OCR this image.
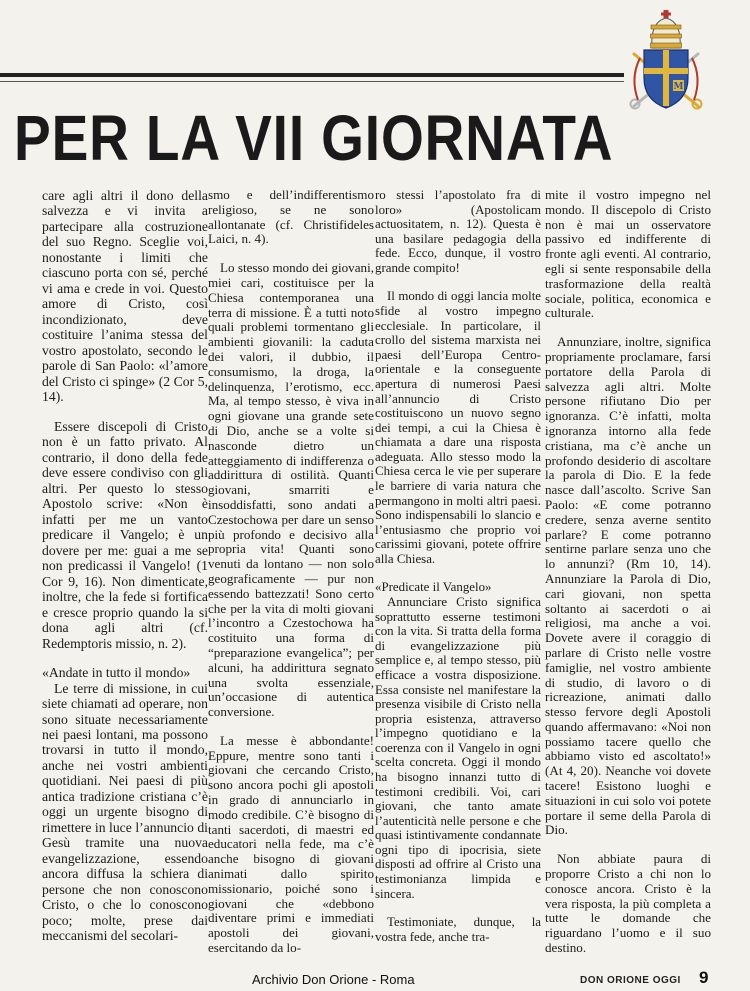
M
PER LA VII GIORNATA

care agli altri il dono della salvezza e vi invita a partecipare alla costruzione del suo Regno. Sceglie voi, nonostante i limiti che ciascuno porta con sé, perché vi ama e crede in voi. Questo amore di Cristo, così incondizionato, deve costituire l’anima stessa del vostro apostolato, secondo le parole di San Paolo: «l’amore del Cristo ci spinge» (2 Cor 5, 14).

Essere discepoli di Cristo non è un fatto privato. Al contrario, il dono della fede deve essere condiviso con gli altri. Per questo lo stesso Apostolo scrive: «Non è infatti per me un vanto predicare il Vangelo; è un dovere per me: guai a me se non predicassi il Vangelo! (1 Cor 9, 16). Non dimenticate, inoltre, che la fede si fortifica e cresce proprio quando la si dona agli altri (cf. Redemptoris missio, n. 2).

«Andate in tutto il mondo»

Le terre di missione, in cui siete chiamati ad operare, non sono situate necessariamente nei paesi lontani, ma possono trovarsi in tutto il mondo, anche nei vostri ambienti quotidiani. Nei paesi di più antica tradizione cristiana c’è oggi un urgente bisogno di rimettere in luce l’annuncio di Gesù tramite una nuova evangelizzazione, essendo ancora diffusa la schiera di persone che non conoscono Cristo, o che lo conoscono poco; molte, prese dai meccanismi del secolari-

smo e dell’indifferentismo religioso, se ne sono allontanate (cf. Christifideles Laici, n. 4).

Lo stesso mondo dei giovani, miei cari, costituisce per la Chiesa contemporanea una terra di missione. È a tutti noto quali problemi tormentano gli ambienti giovanili: la caduta dei valori, il dubbio, il consumismo, la droga, la delinquenza, l’erotismo, ecc. Ma, al tempo stesso, è viva in ogni giovane una grande sete di Dio, anche se a volte si nasconde dietro un atteggiamento di indifferenza o addirittura di ostilità. Quanti giovani, smarriti e insoddisfatti, sono andati a Czestochowa per dare un senso più profondo e decisivo alla propria vita! Quanti sono venuti da lontano — non solo geograficamente — pur non essendo battezzati! Sono certo che per la vita di molti giovani l’incontro a Czestochowa ha costituito una forma di “preparazione evangelica”; per alcuni, ha addirittura segnato una svolta essenziale, un’occasione di autentica conversione.

La messe è abbondante! Eppure, mentre sono tanti i giovani che cercando Cristo, sono ancora pochi gli apostoli in grado di annunciarlo in modo credibile. C’è bisogno di tanti sacerdoti, di maestri ed educatori nella fede, ma c’è anche bisogno di giovani animati dallo spirito missionario, poiché sono i giovani che «debbono diventare primi e immediati apostoli dei giovani, esercitando da lo-

ro stessi l’apostolato fra di loro» (Apostolicam actuositatem, n. 12). Questa è una basilare pedagogia della fede. Ecco, dunque, il vostro grande compito!

Il mondo di oggi lancia molte sfide al vostro impegno ecclesiale. In particolare, il crollo del sistema marxista nei paesi dell’Europa Centro-orientale e la conseguente apertura di numerosi Paesi all’annuncio di Cristo costituiscono un nuovo segno dei tempi, a cui la Chiesa è chiamata a dare una risposta adeguata. Allo stesso modo la Chiesa cerca le vie per superare le barriere di varia natura che permangono in molti altri paesi. Sono indispensabili lo slancio e l’entusiasmo che proprio voi carissimi giovani, potete offrire alla Chiesa.

«Predicate il Vangelo»

Annunciare Cristo significa soprattutto esserne testimoni con la vita. Si tratta della forma di evangelizzazione più semplice e, al tempo stesso, più efficace a vostra disposizione. Essa consiste nel manifestare la presenza visibile di Cristo nella propria esistenza, attraverso l’impegno quotidiano e la coerenza con il Vangelo in ogni scelta concreta. Oggi il mondo ha bisogno innanzi tutto di testimoni credibili. Voi, cari giovani, che tanto amate l’autenticità nelle persone e che quasi istintivamente condannate ogni tipo di ipocrisia, siete disposti ad offrire al Cristo una testimonianza limpida e sincera.

Testimoniate, dunque, la vostra fede, anche tra-

mite il vostro impegno nel mondo. Il discepolo di Cristo non è mai un osservatore passivo ed indifferente di fronte agli eventi. Al contrario, egli si sente responsabile della trasformazione della realtà sociale, politica, economica e culturale.

Annunziare, inoltre, significa propriamente proclamare, farsi portatore della Parola di salvezza agli altri. Molte persone rifiutano Dio per ignoranza. C’è infatti, molta ignoranza intorno alla fede cristiana, ma c’è anche un profondo desiderio di ascoltare la parola di Dio. E la fede nasce dall’ascolto. Scrive San Paolo: «E come potranno credere, senza averne sentito parlare? E come potranno sentirne parlare senza uno che lo annunzi? (Rm 10, 14). Annunziare la Parola di Dio, cari giovani, non spetta soltanto ai sacerdoti o ai religiosi, ma anche a voi. Dovete avere il coraggio di parlare di Cristo nelle vostre famiglie, nel vostro ambiente di studio, di lavoro o di ricreazione, animati dallo stesso fervore degli Apostoli quando affermavano: «Noi non possiamo tacere quello che abbiamo visto ed ascoltato!» (At 4, 20). Neanche voi dovete tacere! Esistono luoghi e situazioni in cui solo voi potete portare il seme della Parola di Dio.

Non abbiate paura di proporre Cristo a chi non lo conosce ancora. Cristo è la vera risposta, la più completa a tutte le domande che riguardano l’uomo e il suo destino.

Archivio Don Orione - Roma	DON ORIONE OGGI 9
